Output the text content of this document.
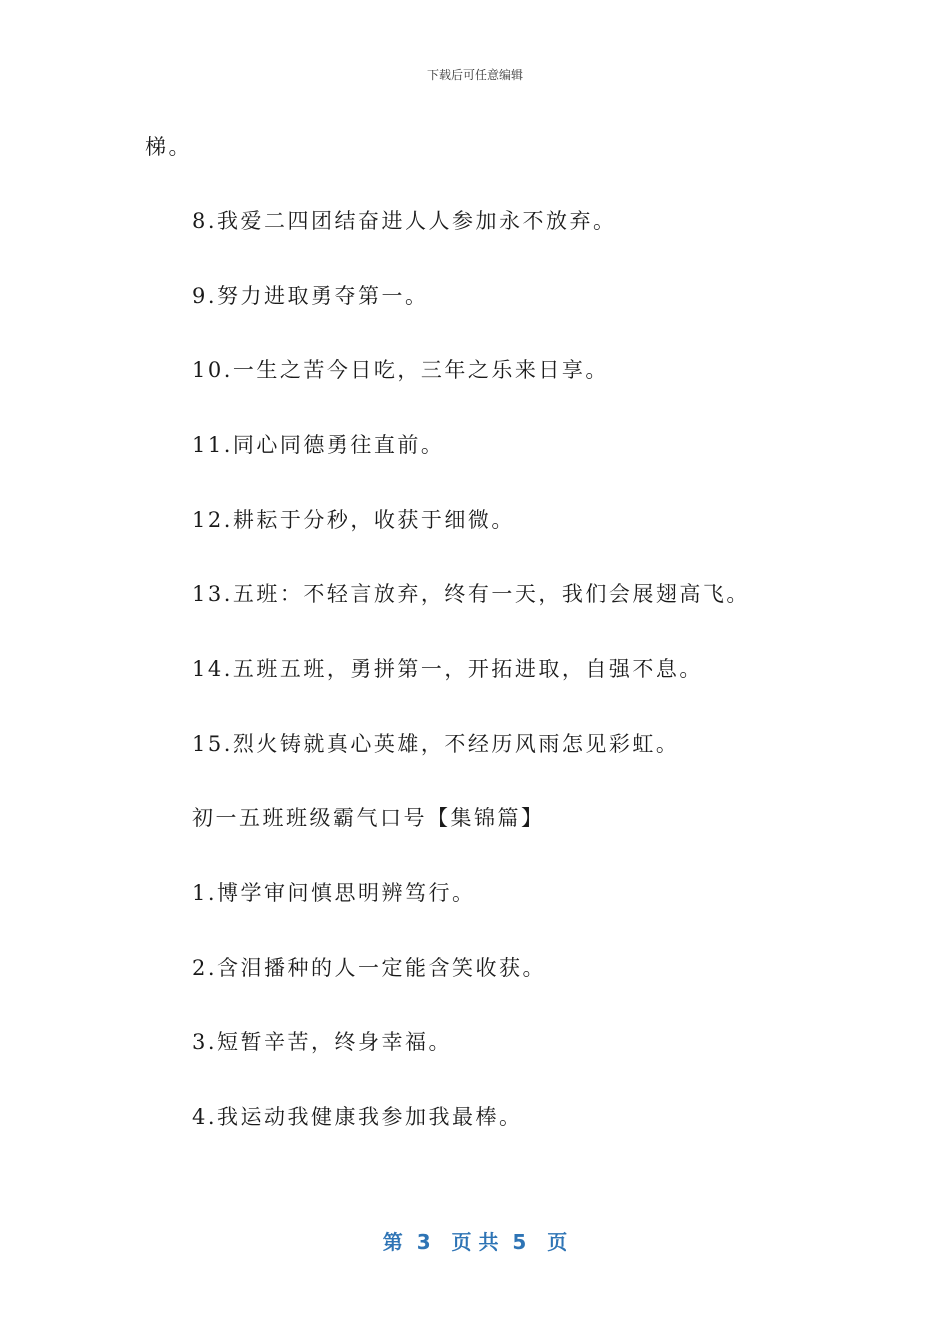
下载后可任意编辑
梯。
8.我爱二四团结奋进人人参加永不放弃。
9.努力进取勇夺第一。
10.一生之苦今日吃，三年之乐来日享。
11.同心同德勇往直前。
12.耕耘于分秒，收获于细微。
13.五班：不轻言放弃，终有一天，我们会展翅高飞。
14.五班五班，勇拼第一，开拓进取，自强不息。
15.烈火铸就真心英雄，不经历风雨怎见彩虹。
初一五班班级霸气口号【集锦篇】
1.博学审问慎思明辨笃行。
2.含泪播种的人一定能含笑收获。
3.短暂辛苦，终身幸福。
4.我运动我健康我参加我最棒。
第  3   页 共  5   页
